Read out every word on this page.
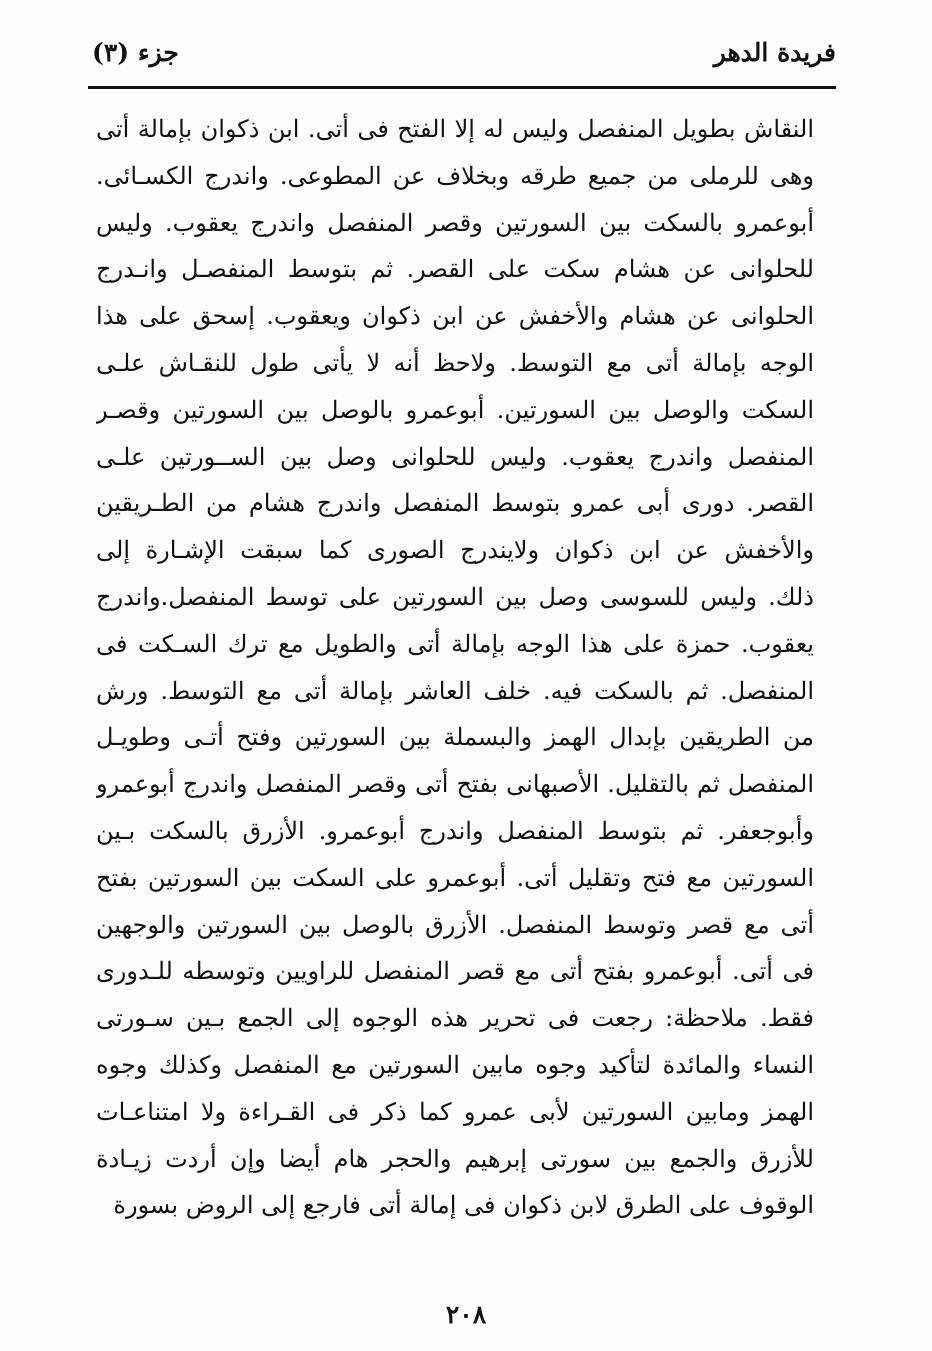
فريدة الدهر
جزء (٣)
النقاش بطويل المنفصل وليس له إلا الفتح فى أتى. ابن ذكوان بإمالة أتى
وهى للرملى من جميع طرقه وبخلاف عن المطوعى. واندرج الكسـائى.
أبوعمرو بالسكت بين السورتين وقصر المنفصل واندرج يعقوب. وليس
للحلوانى عن هشام سكت على القصر. ثم بتوسط المنفصـل وانـدرج
الحلوانى عن هشام والأخفش عن ابن ذكوان ويعقوب. إسحق على هذا
الوجه بإمالة أتى مع التوسط. ولاحظ أنه لا يأتى طول للنقـاش علـى
السكت والوصل بين السورتين. أبوعمرو بالوصل بين السورتين وقصـر
المنفصل واندرج يعقوب. وليس للحلوانى وصل بين الســورتين علـى
القصر. دورى أبى عمرو بتوسط المنفصل واندرج هشام من الطـريقين
والأخفش عن ابن ذكوان ولايندرج الصورى كما سبقت الإشـارة إلى
ذلك. وليس للسوسى وصل بين السورتين على توسط المنفصل.واندرج
يعقوب. حمزة على هذا الوجه بإمالة أتى والطويل مع ترك السـكت فى
المنفصل. ثم بالسكت فيه. خلف العاشر بإمالة أتى مع التوسط. ورش
من الطريقين بإبدال الهمز والبسملة بين السورتين وفتح أتـى وطويـل
المنفصل ثم بالتقليل. الأصبهانى بفتح أتى وقصر المنفصل واندرج أبوعمرو
وأبوجعفر. ثم بتوسط المنفصل واندرج أبوعمرو. الأزرق بالسكت بـين
السورتين مع فتح وتقليل أتى. أبوعمرو على السكت بين السورتين بفتح
أتى مع قصر وتوسط المنفصل. الأزرق بالوصل بين السورتين والوجهين
فى أتى. أبوعمرو بفتح أتى مع قصر المنفصل للراويين وتوسطه للـدورى
فقط. ملاحظة: رجعت فى تحرير هذه الوجوه إلى الجمع بـين سـورتى
النساء والمائدة لتأكيد وجوه مابين السورتين مع المنفصل وكذلك وجوه
الهمز ومابين السورتين لأبى عمرو كما ذكر فى القـراءة ولا امتناعـات
للأزرق والجمع بين سورتى إبرهيم والحجر هام أيضا وإن أردت زيـادة
الوقوف على الطرق لابن ذكوان فى إمالة أتى فارجع إلى الروض بسورة
٢٠٨
